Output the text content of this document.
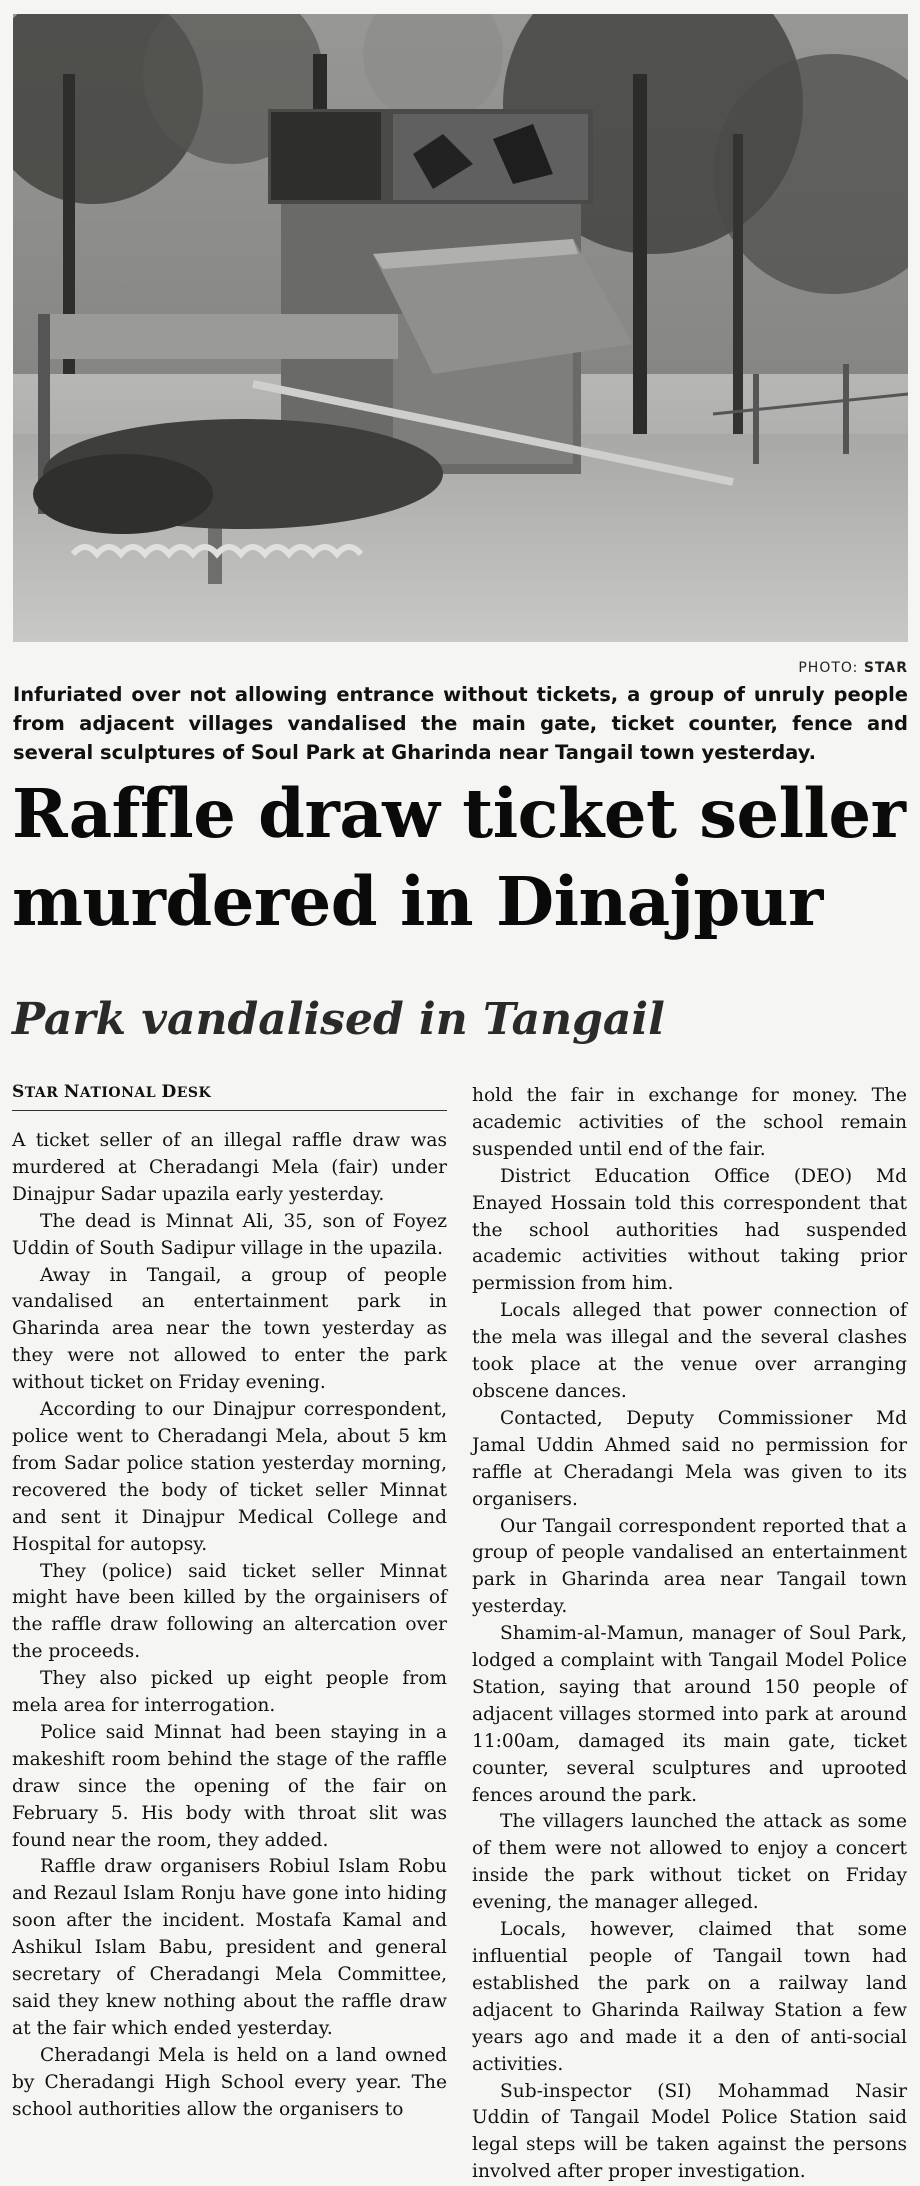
PHOTO: STAR
Infuriated over not allowing entrance without tickets, a group of unruly people from adjacent villages vandalised the main gate, ticket counter, fence and several sculptures of Soul Park at Gharinda near Tangail town yesterday.
Raffle draw ticket seller
murdered in Dinajpur
Park vandalised in Tangail
STAR NATIONAL DESK

A ticket seller of an illegal raffle draw was murdered at Cheradangi Mela (fair) under Dinajpur Sadar upazila early yesterday.

The dead is Minnat Ali, 35, son of Foyez Uddin of South Sadipur village in the upazila.

Away in Tangail, a group of people vandalised an entertainment park in Gharinda area near the town yesterday as they were not allowed to enter the park without ticket on Friday evening.

According to our Dinajpur correspondent, police went to Cheradangi Mela, about 5 km from Sadar police station yesterday morning, recovered the body of ticket seller Minnat and sent it Dinajpur Medical College and Hospital for autopsy.

They (police) said ticket seller Minnat might have been killed by the orgainisers of the raffle draw following an altercation over the proceeds.

They also picked up eight people from mela area for interrogation.

Police said Minnat had been staying in a makeshift room behind the stage of the raffle draw since the opening of the fair on February 5. His body with throat slit was found near the room, they added.

Raffle draw organisers Robiul Islam Robu and Rezaul Islam Ronju have gone into hiding soon after the incident. Mostafa Kamal and Ashikul Islam Babu, president and general secretary of Cheradangi Mela Committee, said they knew nothing about the raffle draw at the fair which ended yesterday.

Cheradangi Mela is held on a land owned by Cheradangi High School every year. The school authorities allow the organisers to

hold the fair in exchange for money. The academic activities of the school remain suspended until end of the fair.

District Education Office (DEO) Md Enayed Hossain told this correspondent that the school authorities had suspended academic activities without taking prior permission from him.

Locals alleged that power connection of the mela was illegal and the several clashes took place at the venue over arranging obscene dances.

Contacted, Deputy Commissioner Md Jamal Uddin Ahmed said no permission for raffle at Cheradangi Mela was given to its organisers.

Our Tangail correspondent reported that a group of people vandalised an entertainment park in Gharinda area near Tangail town yesterday.

Shamim-al-Mamun, manager of Soul Park, lodged a complaint with Tangail Model Police Station, saying that around 150 people of adjacent villages stormed into park at around 11:00am, damaged its main gate, ticket counter, several sculptures and uprooted fences around the park.

The villagers launched the attack as some of them were not allowed to enjoy a concert inside the park without ticket on Friday evening, the manager alleged.

Locals, however, claimed that some influential people of Tangail town had established the park on a railway land adjacent to Gharinda Railway Station a few years ago and made it a den of anti-social activities.

Sub-inspector (SI) Mohammad Nasir Uddin of Tangail Model Police Station said legal steps will be taken against the persons involved after proper investigation.
